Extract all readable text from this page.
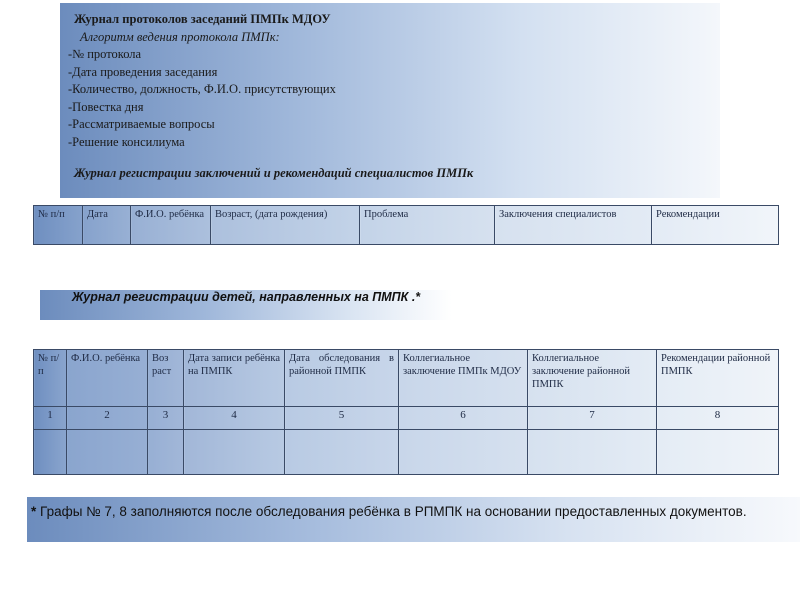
Журнал протоколов заседаний ПМПк МДОУ
Алгоритм ведения протокола ПМПк:
-№ протокола
-Дата проведения заседания
-Количество, должность, Ф.И.О. присутствующих
-Повестка дня
-Рассматриваемые вопросы
-Решение консилиума
Журнал регистрации заключений и рекомендаций специалистов ПМПк
№ п/п	Дата	Ф.И.О. ребёнка	Возраст, (дата рождения)	Проблема	Заключения специалистов	Рекомендации
Журнал регистрации детей, направленных на ПМПК .*
№ п/п	Ф.И.О. ребёнка	Воз раст	Дата записи ребёнка на ПМПК	Дата обследования в районной ПМПК	Коллегиальное заключение ПМПк МДОУ	Коллегиальное заключение районной ПМПК	Рекомендации районной ПМПК
1	2	3	4	5	6	7	8

* Графы № 7, 8 заполняются после обследования ребёнка в РПМПК на основании предоставленных документов.
